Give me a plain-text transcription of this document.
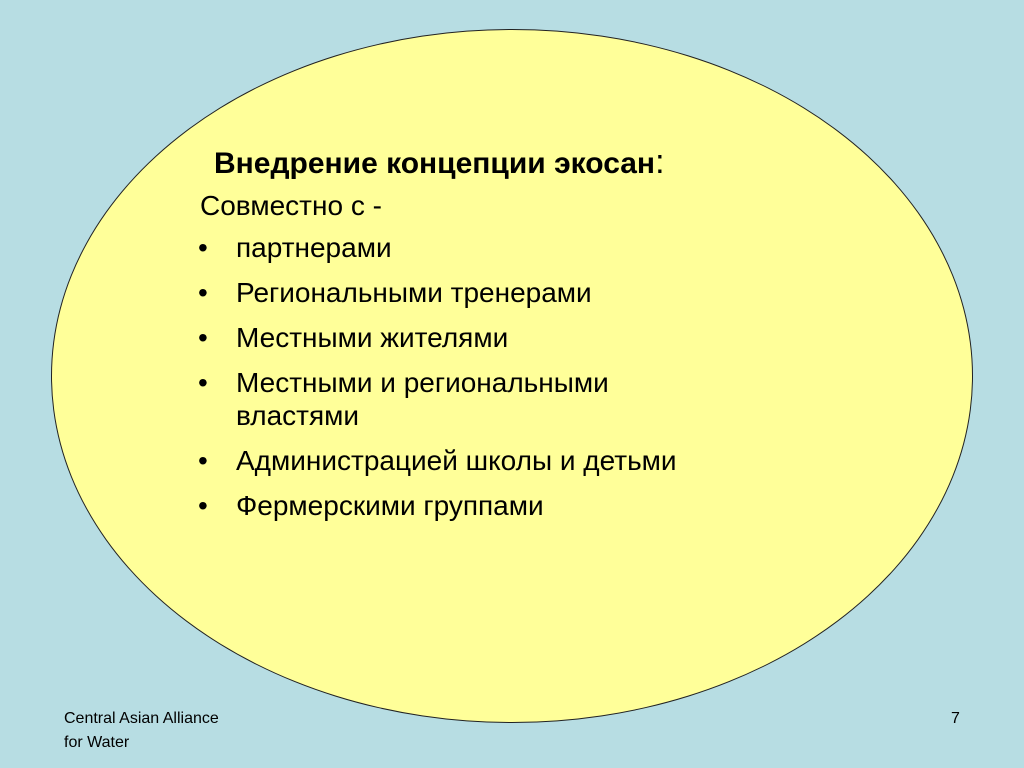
Внедрение концепции экосан:
Совместно с -
• партнерами
• Региональными тренерами
• Местными жителями
• Местными и региональными
властями
• Администрацией школы и детьми
• Фермерскими группами
Central Asian Alliance
for Water
7
